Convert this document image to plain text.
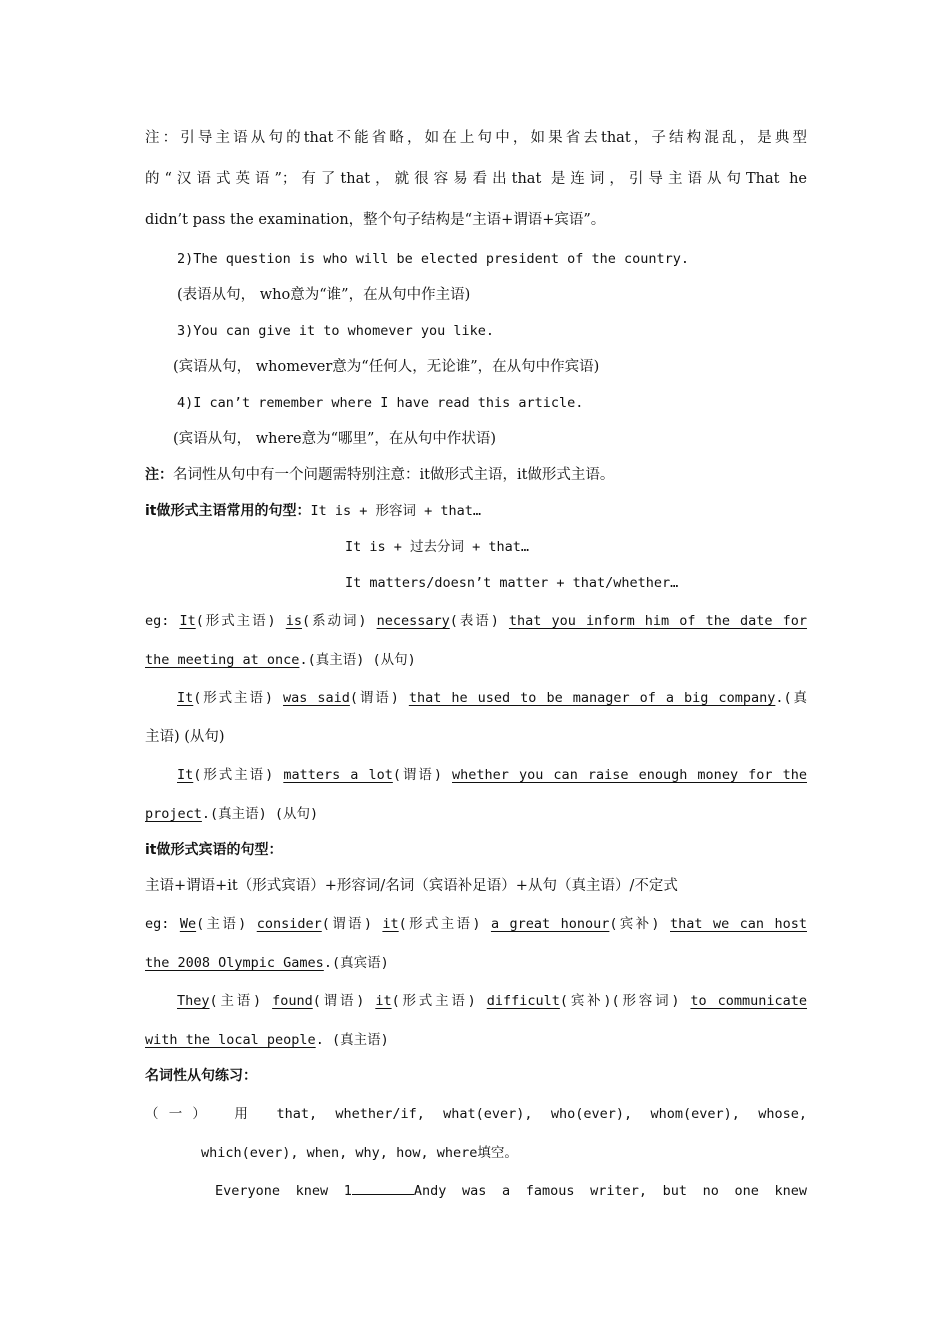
注：引导主语从句的that不能省略，如在上句中，如果省去that，子结构混乱，是典型
的“汉语式英语”；有了that，就很容易看出that 是连词，引导主语从句That he
didn’t pass the examination，整个句子结构是“主语+谓语+宾语”。
2)The question is who will be elected president of the country.
(表语从句， who意为“谁”，在从句中作主语)
3)You can give it to whomever you like.
(宾语从句， whomever意为“任何人，无论谁”，在从句中作宾语)
4)I can’t remember where I have read this article.
(宾语从句， where意为“哪里”，在从句中作状语)
注：名词性从句中有一个问题需特别注意：it做形式主语，it做形式主语。
it做形式主语常用的句型：It is + 形容词 + that…
It is + 过去分词 + that…
It matters/doesn’t matter + that/whether…
eg: It(形式主语) is(系动词) necessary(表语) that you inform him of the date for
the meeting at once.(真主语) (从句)
It(形式主语) was said(谓语) that he used to be manager of a big company.(真
主语) (从句)
It(形式主语) matters a lot(谓语) whether you can raise enough money for the
project.(真主语) (从句)
it做形式宾语的句型：
主语+谓语+it（形式宾语）+形容词/名词（宾语补足语）+从句（真主语）/不定式
eg: We(主语) consider(谓语) it(形式主语) a great honour(宾补) that we can host
the 2008 Olympic Games.(真宾语)
They(主语) found(谓语) it(形式主语) difficult(宾补)(形容词) to communicate
with the local people. (真主语)
名词性从句练习：
（一） 用 that, whether/if, what(ever), who(ever), whom(ever), whose,
which(ever), when, why, how, where填空。
Everyone knew 1	Andy was a famous writer, but no one knew
